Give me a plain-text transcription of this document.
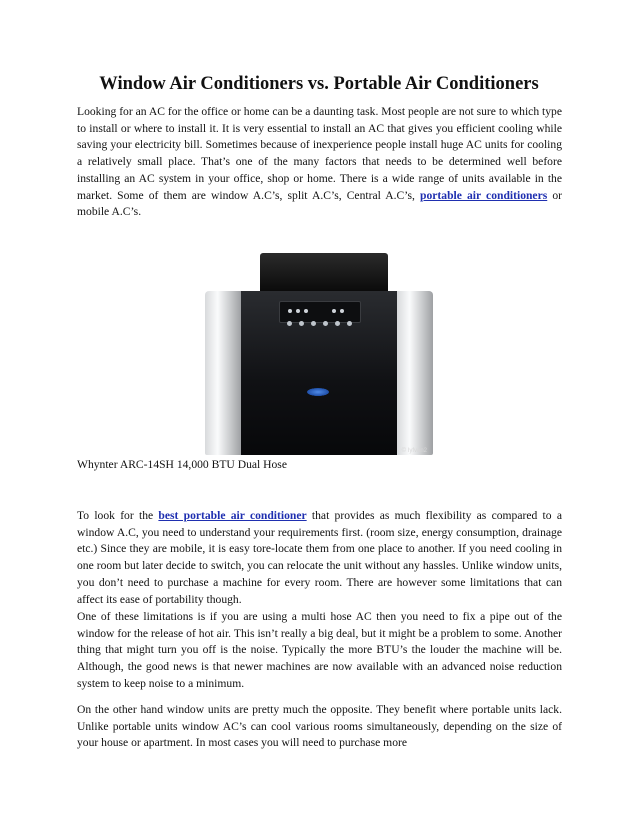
Window Air Conditioners vs. Portable Air Conditioners

Looking for an AC for the office or home can be a daunting task. Most people are not sure to which type to install or where to install it. It is very essential to install an AC that gives you efficient cooling while saving your electricity bill. Sometimes because of inexperience people install huge AC units for cooling a relatively small place. That’s one of the many factors that needs to be determined well before installing an AC system in your office, shop or home. There is a wide range of units available in the market. Some of them are window A.C’s, split A.C’s, Central A.C’s, portable air conditioners or mobile A.C’s.

© Iyfvan2

Whynter ARC-14SH 14,000 BTU Dual Hose

To look for the best portable air conditioner that provides as much flexibility as compared to a window A.C, you need to understand your requirements first. (room size, energy consumption, drainage etc.) Since they are mobile, it is easy tore-locate them from one place to another. If you need cooling in one room but later decide to switch, you can relocate the unit without any hassles. Unlike window units, you don’t need to purchase a machine for every room. There are however some limitations that can affect its ease of portability though.

One of these limitations is if you are using a multi hose AC then you need to fix a pipe out of the window for the release of hot air. This isn’t really a big deal, but it might be a problem to some. Another thing that might turn you off is the noise. Typically the more BTU’s the louder the machine will be. Although, the good news is that newer machines are now available with an advanced noise reduction system to keep noise to a minimum.

On the other hand window units are pretty much the opposite. They benefit where portable units lack. Unlike portable units window AC’s can cool various rooms simultaneously, depending on the size of your house or apartment. In most cases you will need to purchase more
